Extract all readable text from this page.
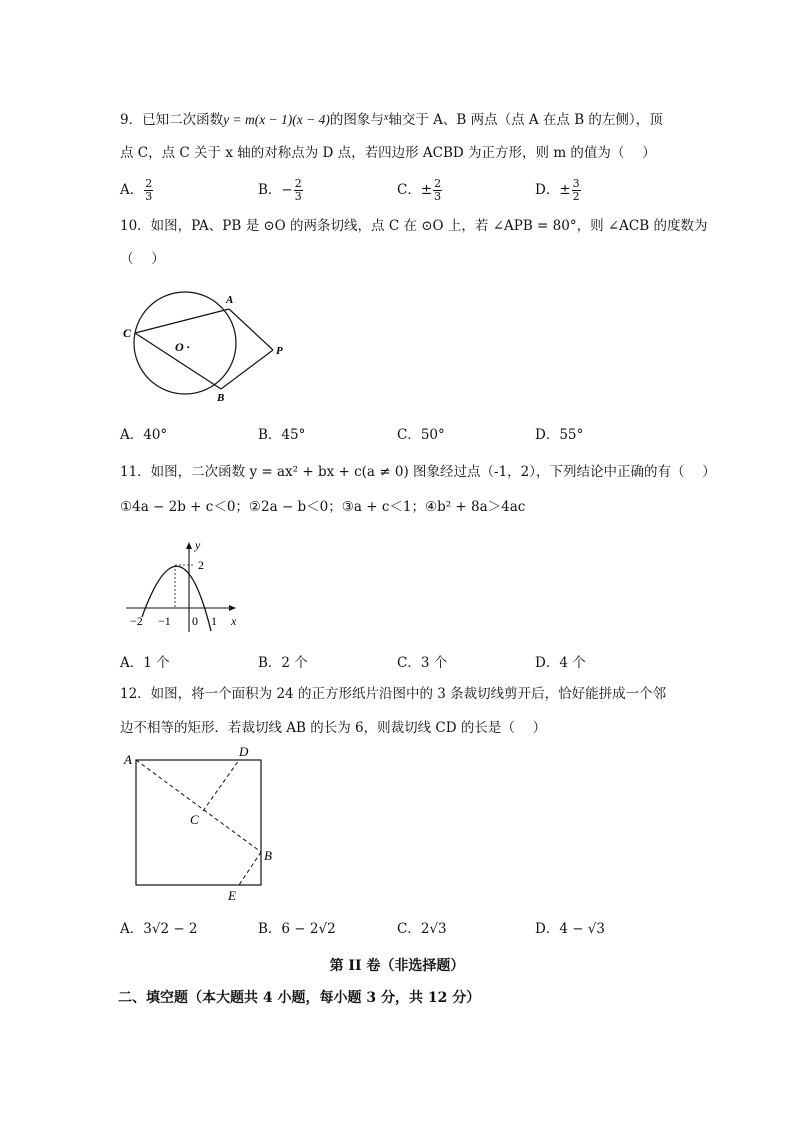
9．已知二次函数y = m(x − 1)(x − 4)的图象与$^x$轴交于 A、B 两点（点 A 在点 B 的左侧），顶
点 C，点 C 关于 x 轴的对称点为 D 点，若四边形 ACBD 为正方形，则 m 的值为（　 ）
A． $\frac{2}{3}$	B．− $\frac{2}{3}$	C．± $\frac{2}{3}$	D．± $\frac{3}{2}$
10．如图，PA、PB 是 ⊙O 的两条切线，点 C 在 ⊙O 上，若 ∠APB = 80°，则 ∠ACB 的度数为
（　 ）
C
A
B
P
O ·
A．40°	B．45°	C．50°	D．55°
11．如图，二次函数 y = ax² + bx + c(a ≠ 0) 图象经过点（-1，2），下列结论中正确的有（　 ）
①4a − 2b + c＜0；②2a − b＜0；③a + c＜1；④b² + 8a＞4ac
y
x
2
−2 −1 0 1
A．1 个	B．2 个	C．3 个	D．4 个
12．如图，将一个面积为 24 的正方形纸片沿图中的 3 条裁切线剪开后，恰好能拼成一个邻
边不相等的矩形．若裁切线 AB 的长为 6，则裁切线 CD 的长是（　 ）
A
D
C
B
E
A．3√2 − 2	B．6 − 2√2	C．2√3	D．4 − √3
第 II 卷（非选择题）
二、填空题（本大题共 4 小题，每小题 3 分，共 12 分）
